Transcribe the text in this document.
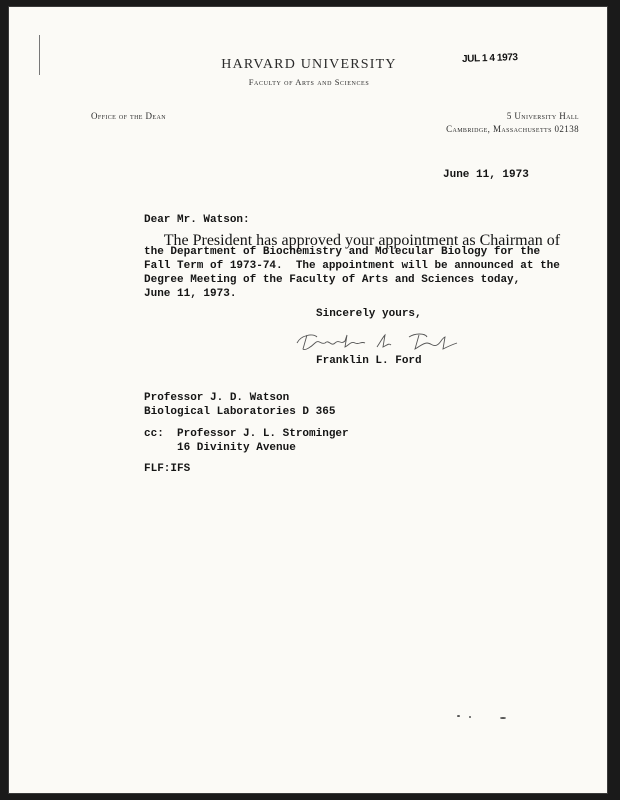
HARVARD UNIVERSITY
Faculty of Arts and Sciences
JUL 1 4 1973
Office of the Dean	5 University Hall
Cambridge, Massachusetts 02138
June 11, 1973
Dear Mr. Watson:
The President has approved your appointment as Chairman of
the Department of Biochemistry and Molecular Biology for the
Fall Term of 1973-74.  The appointment will be announced at the
Degree Meeting of the Faculty of Arts and Sciences today,
June 11, 1973.
Sincerely yours,
Franklin L. Ford
Professor J. D. Watson
Biological Laboratories D 365
cc:  Professor J. L. Strominger
16 Divinity Avenue
FLF:IFS
